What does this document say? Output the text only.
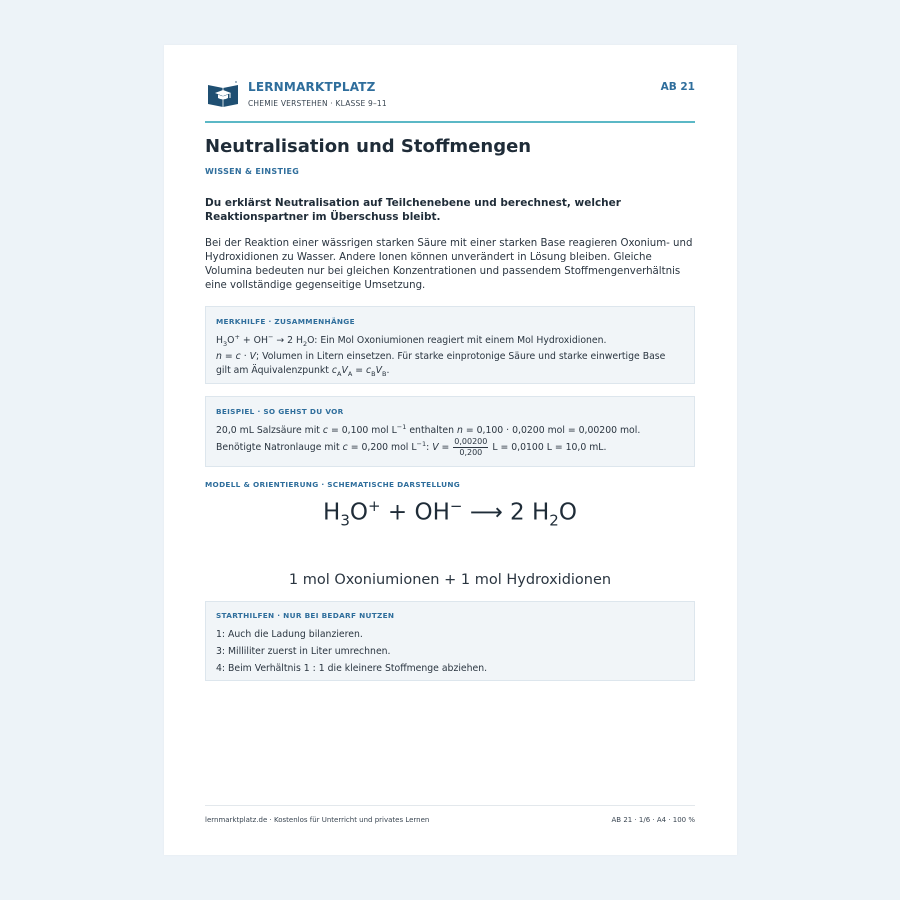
LERNMARKTPLATZ
CHEMIE VERSTEHEN · KLASSE 9–11
AB 21
Neutralisation und Stoffmengen
WISSEN & EINSTIEG

Du erklärst Neutralisation auf Teilchenebene und berechnest, welcher Reaktionspartner im Überschuss bleibt.

Bei der Reaktion einer wässrigen starken Säure mit einer starken Base reagieren Oxonium- und Hydroxidionen zu Wasser. Andere Ionen können unverändert in Lösung bleiben. Gleiche Volumina bedeuten nur bei gleichen Konzentrationen und passendem Stoffmengenverhältnis eine vollständige gegenseitige Umsetzung.

MERKHILFE · ZUSAMMENHÄNGE
$H_3O^+ + OH^- \to 2$ $H_2O$: Ein Mol Oxoniumionen reagiert mit einem Mol Hydroxidionen.
n = c · V; Volumen in Litern einsetzen. Für starke einprotonige Säure und starke einwertige Base
gilt am Äquivalenzpunkt $c_AV_A = c_BV_B$.
BEISPIEL · SO GEHST DU VOR
20,0 mL Salzsäure mit c = 0,100 mol $L^{-1}$ enthalten n = 0,100 · 0,0200 mol = 0,00200 mol.
Benötigte Natronlauge mit c = 0,200 mol $L^{-1}$: $V = \frac{0,00200}{0,200}$ L = 0,0100 L = 10,0 mL.
MODELL & ORIENTIERUNG · SCHEMATISCHE DARSTELLUNG
$H_3O^+ + OH^-$ ⟶ 2 $H_2O$
1 mol Oxoniumionen + 1 mol Hydroxidionen
STARTHILFEN · NUR BEI BEDARF NUTZEN
1: Auch die Ladung bilanzieren.
3: Milliliter zuerst in Liter umrechnen.
4: Beim Verhältnis 1 : 1 die kleinere Stoffmenge abziehen.
lernmarktplatz.de · Kostenlos für Unterricht und privates Lernen	AB 21 · 1/6 · A4 · 100 %
